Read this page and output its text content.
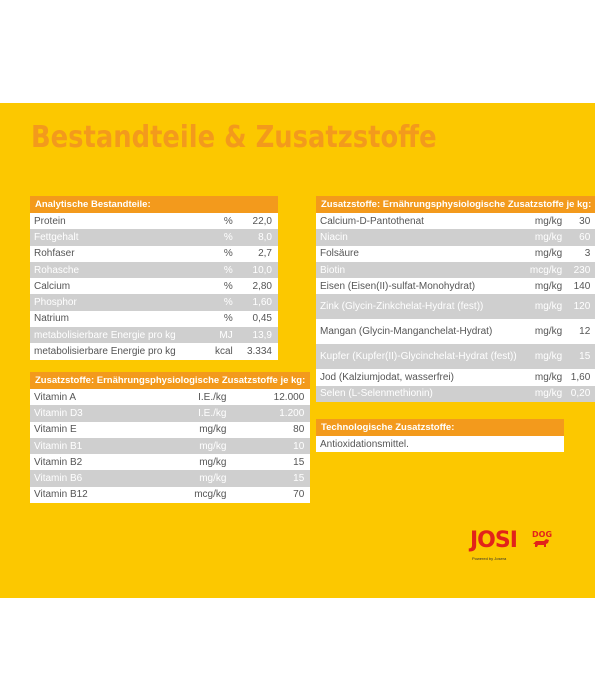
Bestandteile & Zusatzstoffe
Analytische Bestandteile:		
Protein	%	22,0
Fettgehalt	%	8,0
Rohfaser	%	2,7
Rohasche	%	10,0
Calcium	%	2,80
Phosphor	%	1,60
Natrium	%	0,45
metabolisierbare Energie pro kg	MJ	13,9
metabolisierbare Energie pro kg	kcal	3.334
Zusatzstoffe: Ernährungsphysiologische Zusatzstoffe je kg:		
Vitamin A	I.E./kg	12.000
Vitamin D3	I.E./kg	1.200
Vitamin E	mg/kg	80
Vitamin B1	mg/kg	10
Vitamin B2	mg/kg	15
Vitamin B6	mg/kg	15
Vitamin B12	mcg/kg	70
Zusatzstoffe: Ernährungsphysiologische Zusatzstoffe je kg:		
Calcium-D-Pantothenat	mg/kg	30
Niacin	mg/kg	60
Folsäure	mg/kg	3
Biotin	mcg/kg	230
Eisen (Eisen(II)-sulfat-Monohydrat)	mg/kg	140
Zink (Glycin-Zinkchelat-Hydrat (fest))	mg/kg	120
Mangan (Glycin-Manganchelat-Hydrat)	mg/kg	12
Kupfer (Kupfer(II)-Glycinchelat-Hydrat (fest))	mg/kg	15
Jod (Kalziumjodat, wasserfrei)	mg/kg	1,60
Selen (L-Selenmethionin)	mg/kg	0,20
Technologische Zusatzstoffe:
Antioxidationsmittel.
JOSI DOG
Powered by Josera
